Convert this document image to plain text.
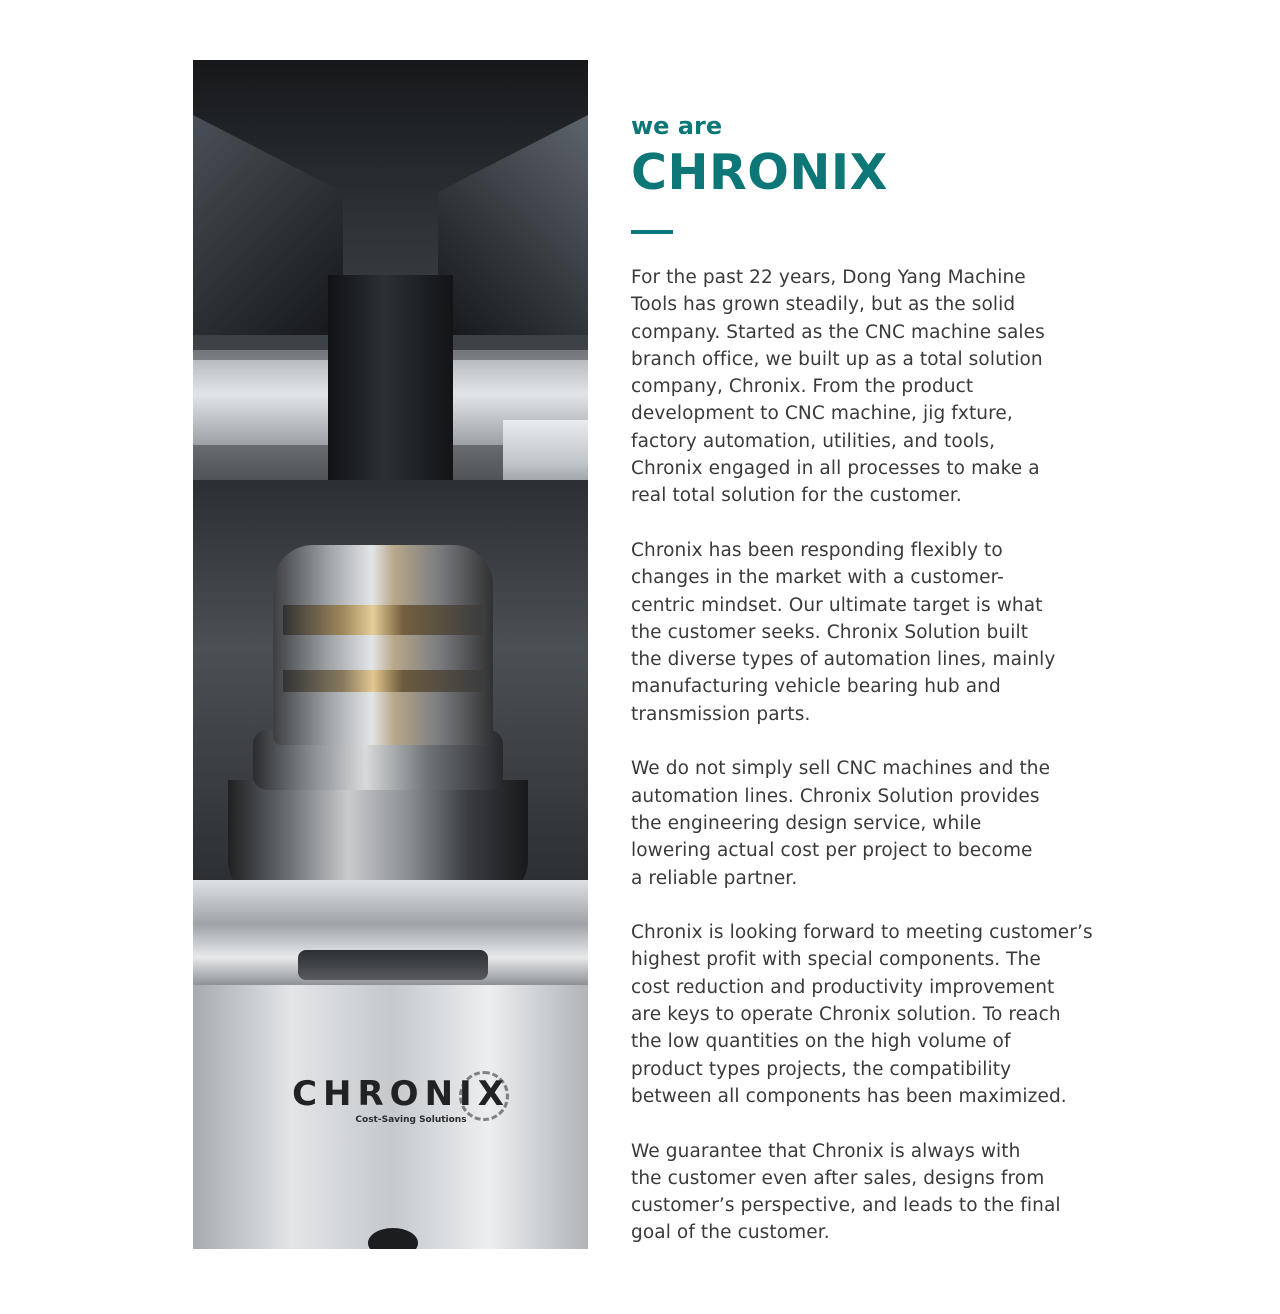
CHRONIX
Cost-Saving Solutions
we are
CHRONIX

For the past 22 years, Dong Yang Machine
Tools has grown steadily, but as the solid
company. Started as the CNC machine sales
branch office, we built up as a total solution
company, Chronix. From the product
development to CNC machine, jig fxture,
factory automation, utilities, and tools,
Chronix engaged in all processes to make a
real total solution for the customer.

Chronix has been responding flexibly to
changes in the market with a customer-
centric mindset. Our ultimate target is what
the customer seeks. Chronix Solution built
the diverse types of automation lines, mainly
manufacturing vehicle bearing hub and
transmission parts.

We do not simply sell CNC machines and the
automation lines. Chronix Solution provides
the engineering design service, while
lowering actual cost per project to become
a reliable partner.

Chronix is looking forward to meeting customer’s
highest profit with special components. The
cost reduction and productivity improvement
are keys to operate Chronix solution. To reach
the low quantities on the high volume of
product types projects, the compatibility
between all components has been maximized.

We guarantee that Chronix is always with
the customer even after sales, designs from
customer’s perspective, and leads to the final
goal of the customer.
